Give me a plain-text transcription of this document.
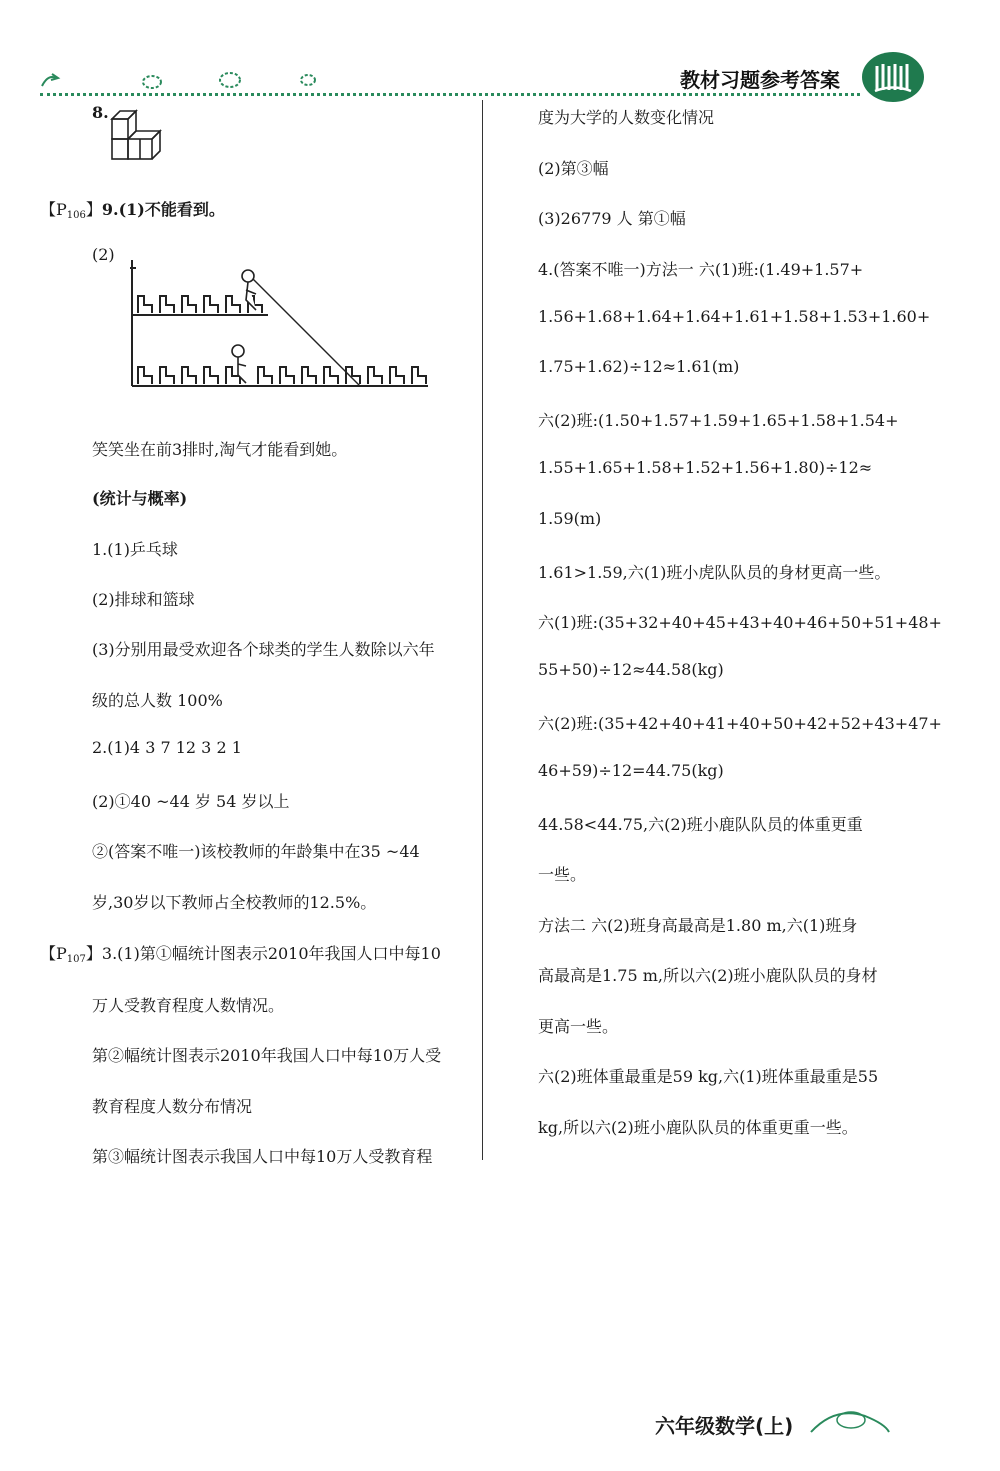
教材习题参考答案
8.
【$P_{106}$】9.(1)不能看到。
(2)
笑笑坐在前3排时,淘气才能看到她。
(统计与概率)
1.(1)乒乓球
(2)排球和篮球
(3)分别用最受欢迎各个球类的学生人数除以六年
级的总人数 100%
2.(1)4 3 7 12 3 2 1
(2)①40 ~44 岁 54 岁以上
②(答案不唯一)该校教师的年龄集中在35 ~44
岁,30岁以下教师占全校教师的12.5%。
【$P_{107}$】3.(1)第①幅统计图表示2010年我国人口中每10
万人受教育程度人数情况。
第②幅统计图表示2010年我国人口中每10万人受
教育程度人数分布情况
第③幅统计图表示我国人口中每10万人受教育程
度为大学的人数变化情况
(2)第③幅
(3)26779 人 第①幅
4.(答案不唯一)方法一 六(1)班:(1.49+1.57+
1.56+1.68+1.64+1.64+1.61+1.58+1.53+1.60+
1.75+1.62)÷12≈1.61(m)
六(2)班:(1.50+1.57+1.59+1.65+1.58+1.54+
1.55+1.65+1.58+1.52+1.56+1.80)÷12≈
1.59(m)
1.61>1.59,六(1)班小虎队队员的身材更高一些。
六(1)班:(35+32+40+45+43+40+46+50+51+48+
55+50)÷12≈44.58(kg)
六(2)班:(35+42+40+41+40+50+42+52+43+47+
46+59)÷12=44.75(kg)
44.58<44.75,六(2)班小鹿队队员的体重更重
一些。
方法二 六(2)班身高最高是1.80 m,六(1)班身
高最高是1.75 m,所以六(2)班小鹿队队员的身材
更高一些。
六(2)班体重最重是59 kg,六(1)班体重最重是55
kg,所以六(2)班小鹿队队员的体重更重一些。
六年级数学(上)
